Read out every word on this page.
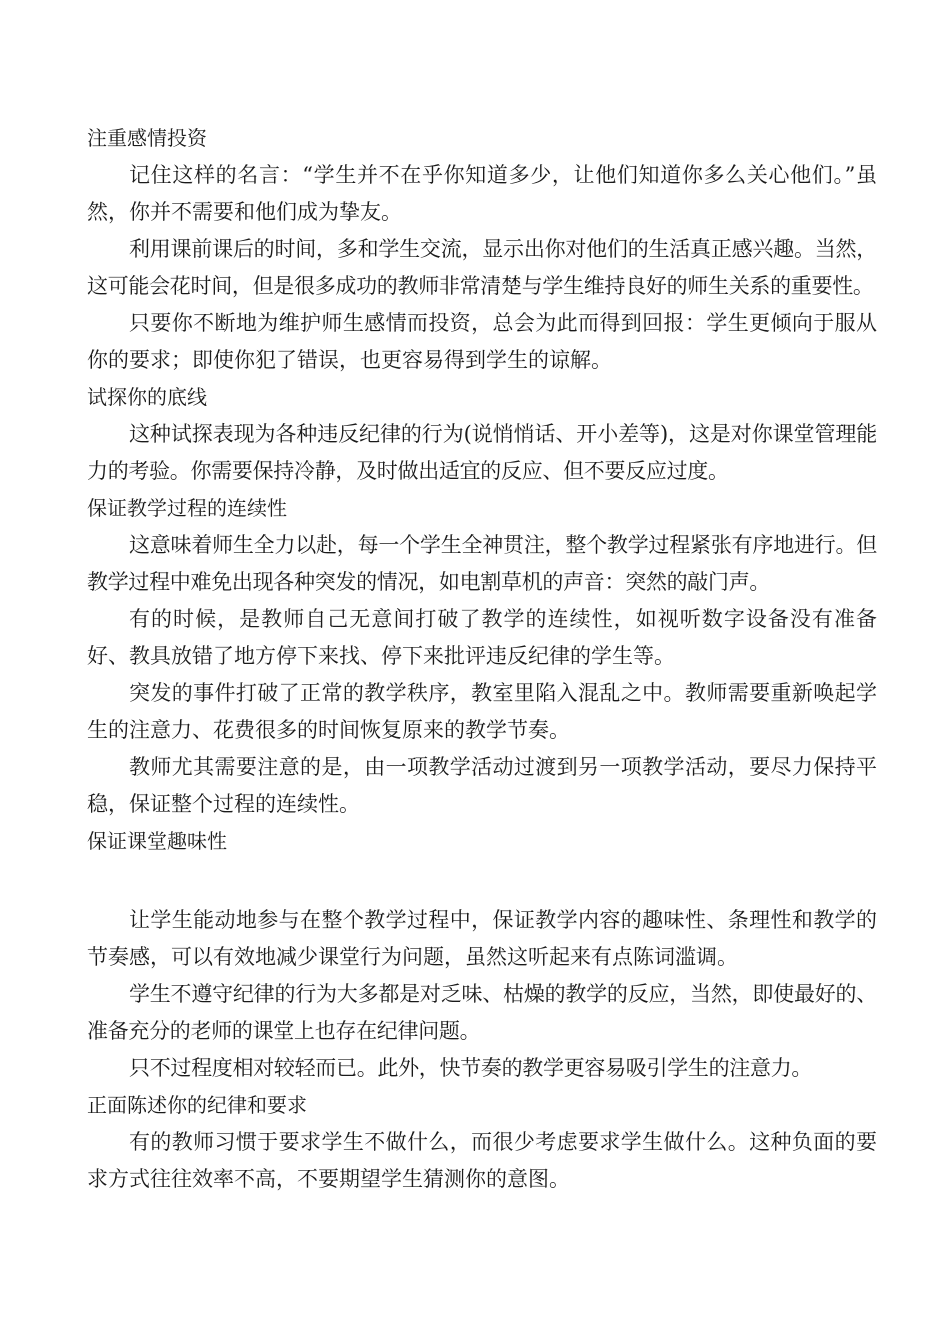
注重感情投资

记住这样的名言：“学生并不在乎你知道多少，让他们知道你多么关心他们。”虽然，你并不需要和他们成为挚友。

利用课前课后的时间，多和学生交流，显示出你对他们的生活真正感兴趣。当然，这可能会花时间，但是很多成功的教师非常清楚与学生维持良好的师生关系的重要性。

只要你不断地为维护师生感情而投资，总会为此而得到回报：学生更倾向于服从你的要求；即使你犯了错误，也更容易得到学生的谅解。

试探你的底线

这种试探表现为各种违反纪律的行为(说悄悄话、开小差等)，这是对你课堂管理能力的考验。你需要保持冷静，及时做出适宜的反应、但不要反应过度。

保证教学过程的连续性

这意味着师生全力以赴，每一个学生全神贯注，整个教学过程紧张有序地进行。但教学过程中难免出现各种突发的情况，如电割草机的声音：突然的敲门声。

有的时候，是教师自己无意间打破了教学的连续性，如视听数字设备没有准备好、教具放错了地方停下来找、停下来批评违反纪律的学生等。

突发的事件打破了正常的教学秩序，教室里陷入混乱之中。教师需要重新唤起学生的注意力、花费很多的时间恢复原来的教学节奏。

教师尤其需要注意的是，由一项教学活动过渡到另一项教学活动，要尽力保持平稳，保证整个过程的连续性。

保证课堂趣味性

让学生能动地参与在整个教学过程中，保证教学内容的趣味性、条理性和教学的节奏感，可以有效地减少课堂行为问题，虽然这听起来有点陈词滥调。

学生不遵守纪律的行为大多都是对乏味、枯燥的教学的反应，当然，即使最好的、准备充分的老师的课堂上也存在纪律问题。

只不过程度相对较轻而已。此外，快节奏的教学更容易吸引学生的注意力。

正面陈述你的纪律和要求

有的教师习惯于要求学生不做什么，而很少考虑要求学生做什么。这种负面的要求方式往往效率不高，不要期望学生猜测你的意图。
